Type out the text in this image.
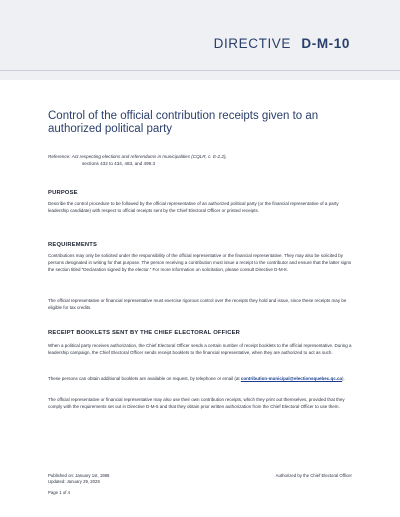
DIRECTIVE D-M-10
Control of the official contribution receipts given to an authorized political party
Reference: Act respecting elections and referendums in municipalities (CQLR, c. E-2.2),
sections 432 to 434, 483, and 499.3
PURPOSE
Describe the control procedure to be followed by the official representative of an authorized political party (or the financial representative of a party leadership candidate) with respect to official receipts sent by the Chief Electoral Officer or printed receipts.
REQUIREMENTS
Contributions may only be solicited under the responsibility of the official representative or the financial representative. They may also be solicited by persons designated in writing for that purpose. The person receiving a contribution must issue a receipt to the contributor and ensure that the latter signs the section titled “Declaration signed by the elector.” For more information on solicitation, please consult Directive D-M-8.
The official representative or financial representative must exercise rigorous control over the receipts they hold and issue, since these receipts may be eligible for tax credits.
RECEIPT BOOKLETS SENT BY THE CHIEF ELECTORAL OFFICER
When a political party receives authorization, the Chief Electoral Officer sends a certain number of receipt booklets to the official representative. During a leadership campaign, the Chief Electoral Officer sends receipt booklets to the financial representative, when they are authorized to act as such.
These persons can obtain additional booklets are available on request, by telephone or email (at contribution-municipal@electionsquebec.qc.ca).
The official representative or financial representative may also use their own contribution receipts, which they print out themselves, provided that they comply with the requirements set out in Directive D-M-5 and that they obtain prior written authorization from the Chief Electoral Officer to use them.
Published on: January 1st, 1988
Updated: January 29, 2025
Authorized by the Chief Electoral Officer
Page 1 of 4
